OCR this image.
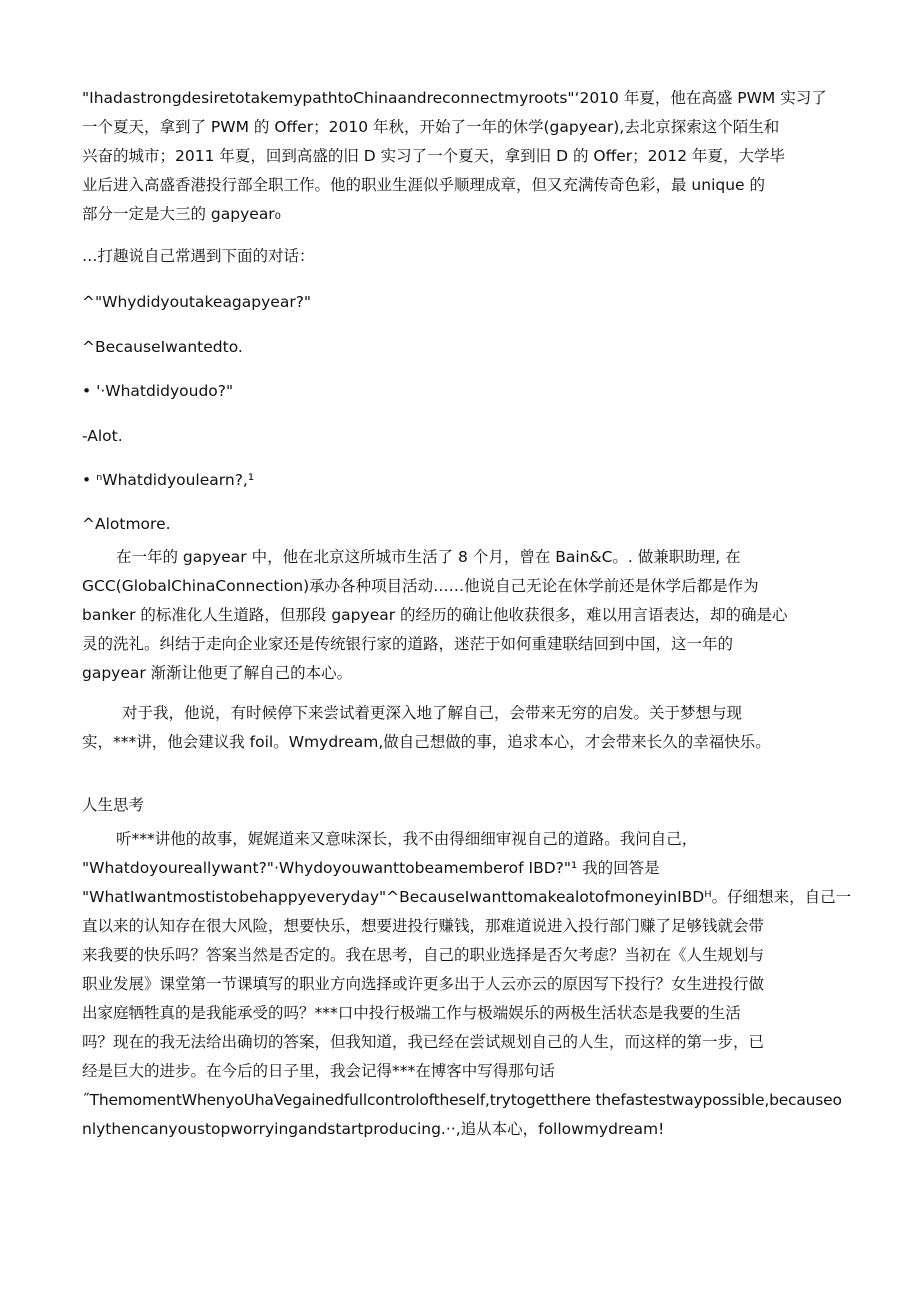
"IhadastrongdesiretotakemypathtoChinaandreconnectmyroots"‘2010 年夏，他在高盛 PWM 实习了
一个夏天，拿到了 PWM 的 Offer；2010 年秋，开始了一年的休学(gapyear),去北京探索这个陌生和
兴奋的城市；2011 年夏，回到高盛的旧 D 实习了一个夏天，拿到旧 D 的 Offer；2012 年夏，大学毕
业后进入高盛香港投行部全职工作。他的职业生涯似乎顺理成章，但又充满传奇色彩，最 unique 的
部分一定是大三的 gapyear₀
…打趣说自己常遇到下面的对话：
^"Whydidyoutakeagapyear?"
^BecauseIwantedto.
• '·Whatdidyoudo?"
-Alot.
• ⁿWhatdidyoulearn?,¹
^Alotmore.
在一年的 gapyear 中，他在北京这所城市生活了 8 个月，曾在 Bain&C。. 做兼职助理, 在
GCC(GlobalChinaConnection)承办各种项目活动……他说自己无论在休学前还是休学后都是作为
banker 的标准化人生道路，但那段 gapyear 的经历的确让他收获很多，难以用言语表达，却的确是心
灵的洗礼。纠结于走向企业家还是传统银行家的道路，迷茫于如何重建联结回到中国，这一年的
gapyear 渐渐让他更了解自己的本心。
对于我，他说，有时候停下来尝试着更深入地了解自己，会带来无穷的启发。关于梦想与现
实，***讲，他会建议我 foil。Wmydream,做自己想做的事，追求本心，才会带来长久的幸福快乐。
人生思考
听***讲他的故事，娓娓道来又意味深长，我不由得细细审视自己的道路。我问自己，
"Whatdoyoureallywant?"·Whydoyouwanttobeamemberof IBD?"¹ 我的回答是
"WhatIwantmostistobehappyeveryday"^BecauseIwanttomakealotofmoneyinIBDᴴ。仔细想来，自己一
直以来的认知存在很大风险，想要快乐，想要进投行赚钱，那难道说进入投行部门赚了足够钱就会带
来我要的快乐吗？答案当然是否定的。我在思考，自己的职业选择是否欠考虑？当初在《人生规划与
职业发展》课堂第一节课填写的职业方向选择或许更多出于人云亦云的原因写下投行？女生进投行做
出家庭牺牲真的是我能承受的吗？***口中投行极端工作与极端娱乐的两极生活状态是我要的生活
吗？现在的我无法给出确切的答案，但我知道，我已经在尝试规划自己的人生，而这样的第一步，已
经是巨大的进步。在今后的日子里，我会记得***在博客中写得那句话
˝ThemomentWhenyoUhaVegainedfullcontroloftheself,trytogetthere thefastestwaypossible,becauseo
nlythencanyoustopworryingandstartproducing.··,追从本心，followmydream!
